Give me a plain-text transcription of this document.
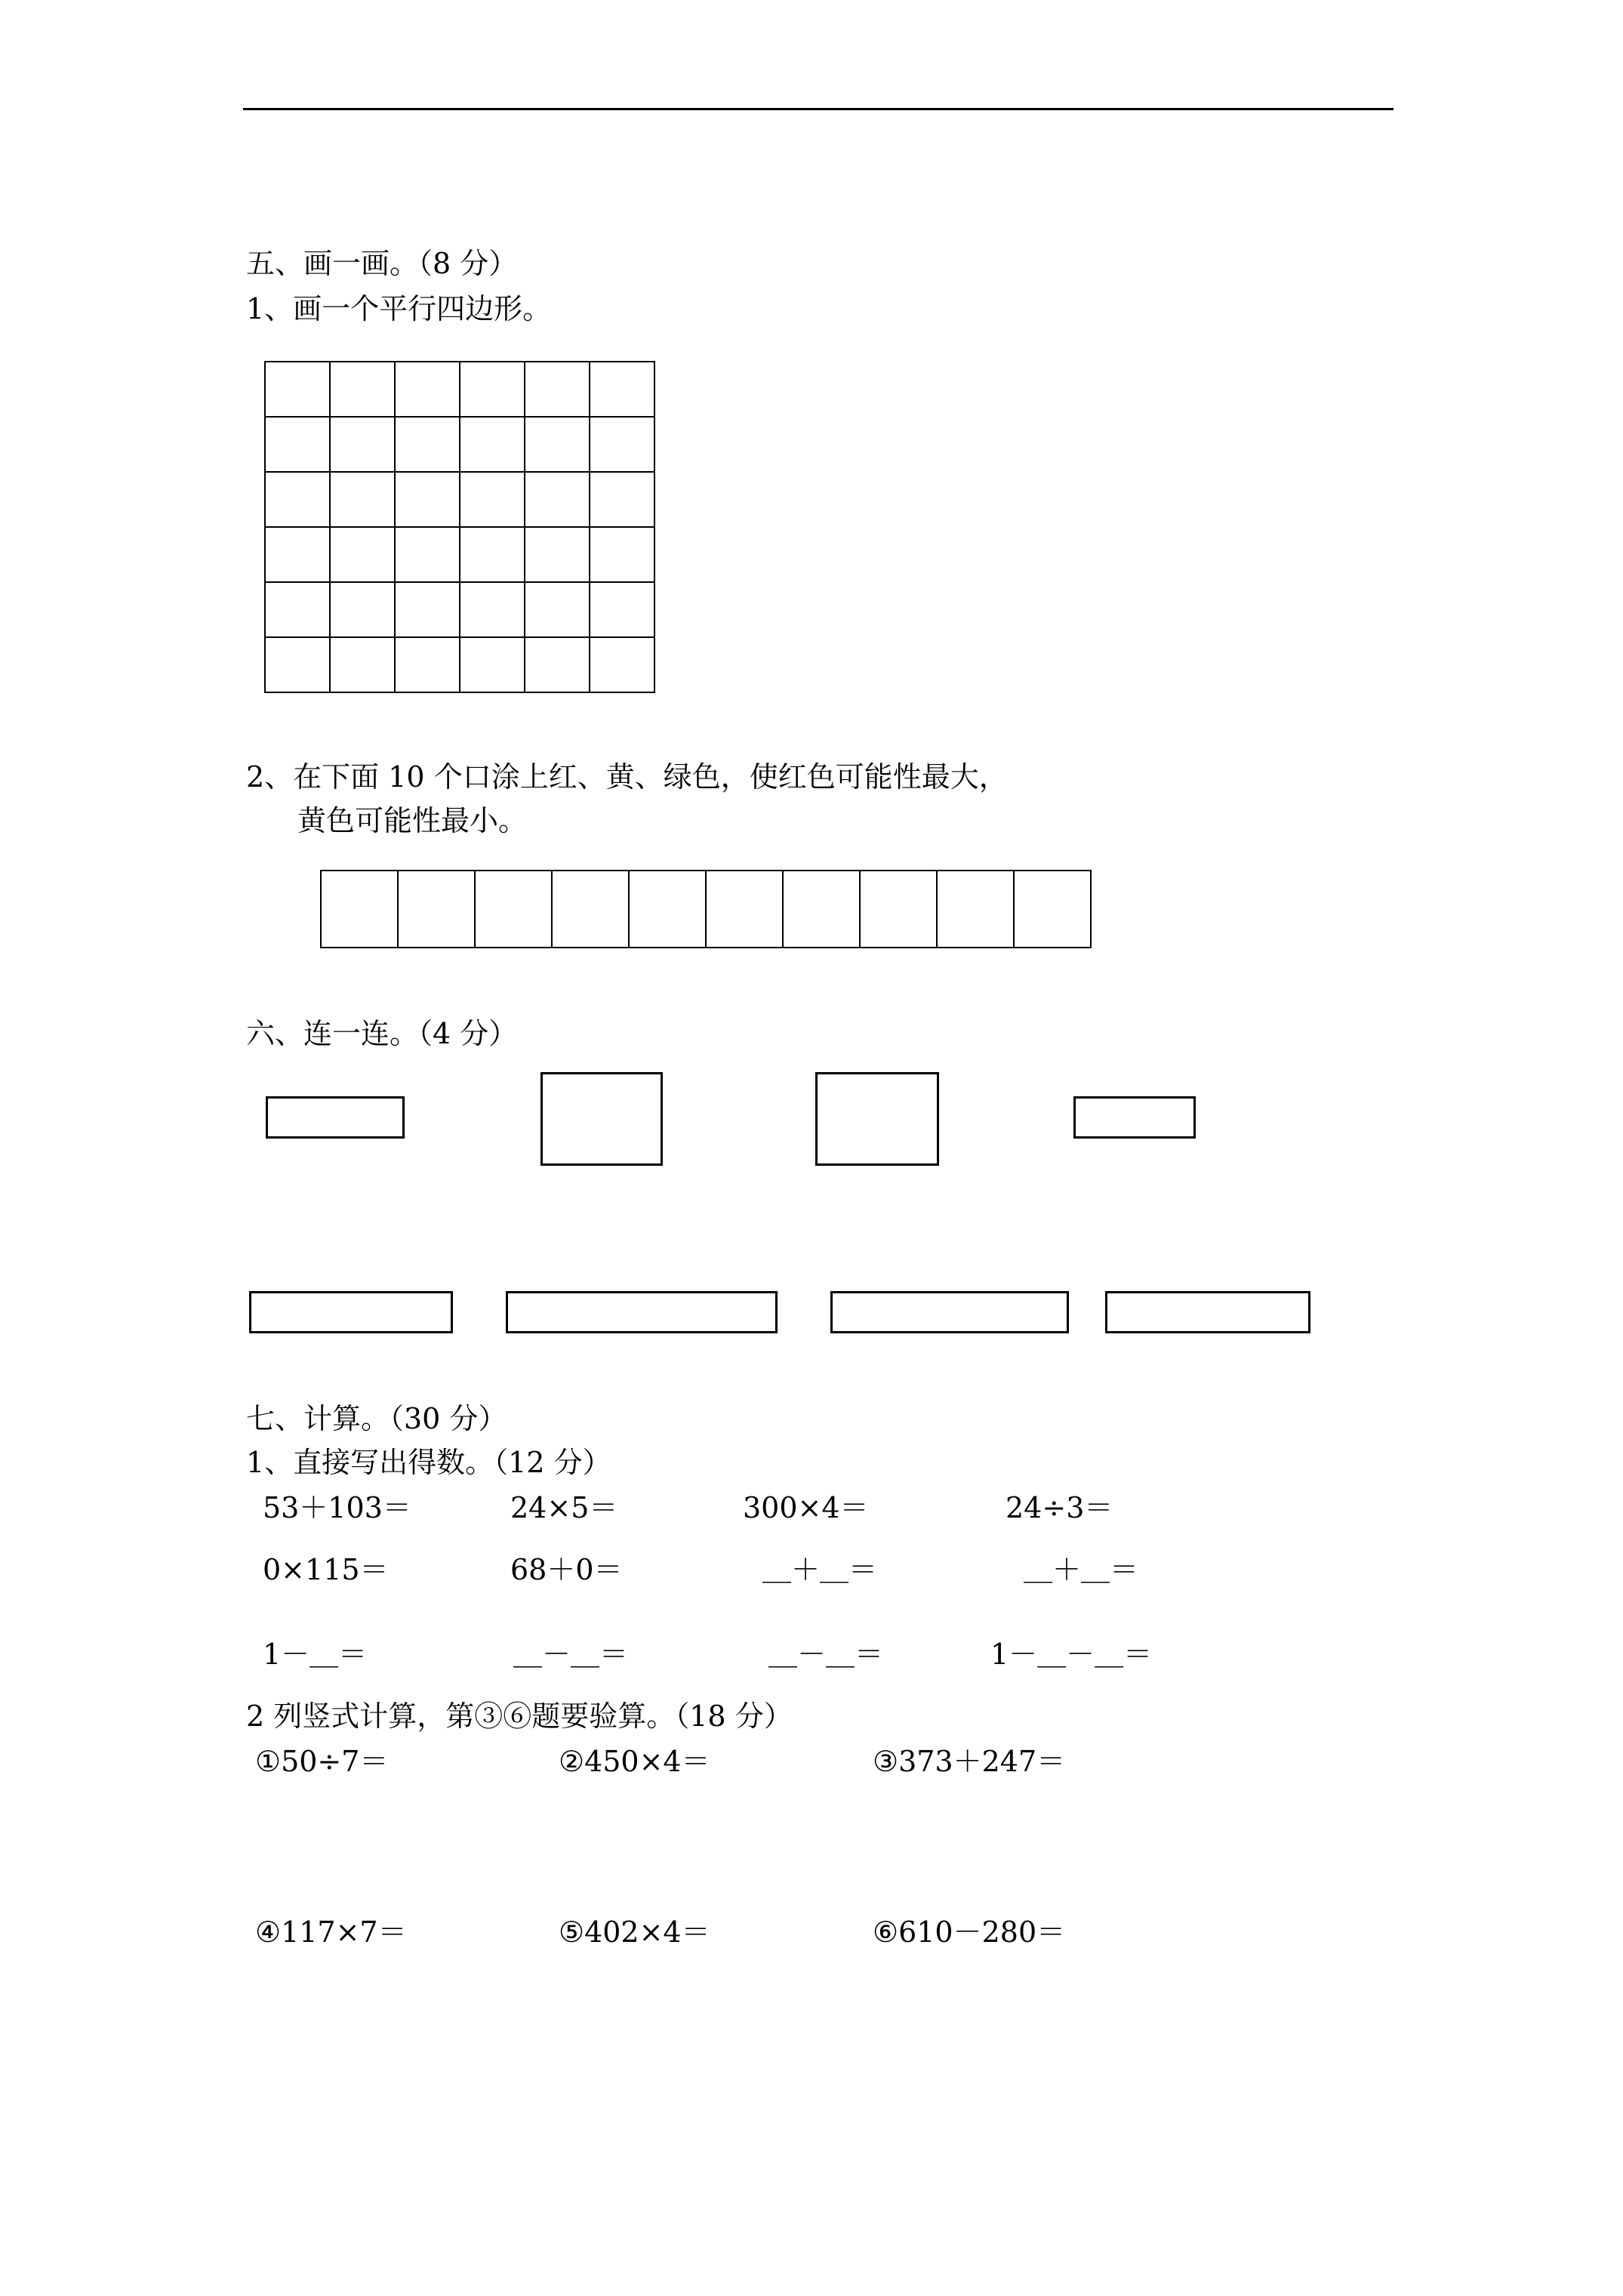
五、画一画。（8 分）
1、画一个平行四边形。

2、在下面 10 个口涂上红、黄、绿色，使红色可能性最大，
黄色可能性最小。

六、连一连。（4 分）
七、计算。（30 分）
1、直接写出得数。（12 分）
53＋103＝	24×5＝	300×4＝	24÷3＝
0×115＝	68＋0＝	＿＋＿＝	＿＋＿＝
1－＿＝	＿－＿＝	＿－＿＝	1－＿－＿＝
2 列竖式计算，第③⑥题要验算。（18 分）
①50÷7＝	②450×4＝	③373＋247＝
④117×7＝	⑤402×4＝	⑥610－280＝
